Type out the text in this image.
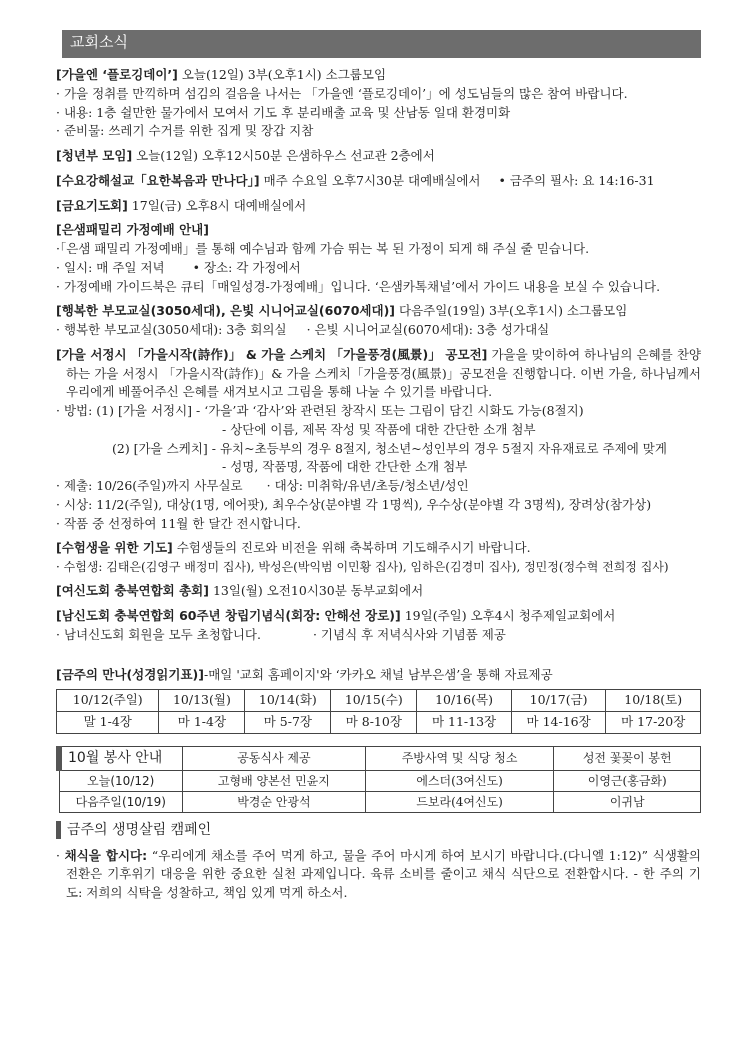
교회소식

[가을엔 ‘플로깅데이’] 오늘(12일) 3부(오후1시) 소그룹모임

· 가을 정취를 만끽하며 섬김의 걸음을 나서는 「가을엔 ‘플로깅데이’」에 성도님들의 많은 참여 바랍니다.

· 내용: 1층 쉴만한 물가에서 모여서 기도 후 분리배출 교육 및 산남동 일대 환경미화

· 준비물: 쓰레기 수거를 위한 집게 및 장갑 지참

[청년부 모임] 오늘(12일) 오후12시50분 은샘하우스 선교관 2층에서

[수요강해설교「요한복음과 만나다」] 매주 수요일 오후7시30분 대예배실에서 • 금주의 필사: 요 14:16-31

[금요기도회] 17일(금) 오후8시 대예배실에서

[은샘패밀리 가정예배 안내]

·「은샘 패밀리 가정예배」를 통해 예수님과 함께 가슴 뛰는 복 된 가정이 되게 해 주실 줄 믿습니다.

· 일시: 매 주일 저녁 • 장소: 각 가정에서

· 가정예배 가이드북은 큐티「매일성경-가정예배」입니다. ‘은샘카톡채널’에서 가이드 내용을 보실 수 있습니다.

[행복한 부모교실(3050세대), 은빛 시니어교실(6070세대)] 다음주일(19일) 3부(오후1시) 소그룹모임

· 행복한 부모교실(3050세대): 3층 회의실 · 은빛 시니어교실(6070세대): 3층 성가대실

[가을 서정시 「가을시작(詩作)」 & 가을 스케치 「가을풍경(風景)」 공모전] 가을을 맞이하여 하나님의 은혜를 찬양하는 가을 서정시 「가을시작(詩作)」& 가을 스케치「가을풍경(風景)」공모전을 진행합니다. 이번 가을, 하나님께서 우리에게 베풀어주신 은혜를 새겨보시고 그림을 통해 나눌 수 있기를 바랍니다.

· 방법: (1) [가을 서정시] - ‘가을’과 ‘감사’와 관련된 창작시 또는 그림이 담긴 시화도 가능(8절지)

- 상단에 이름, 제목 작성 및 작품에 대한 간단한 소개 첨부

(2) [가을 스케치] - 유치~초등부의 경우 8절지, 청소년~성인부의 경우 5절지 자유재료로 주제에 맞게

- 성명, 작품명, 작품에 대한 간단한 소개 첨부

· 제출: 10/26(주일)까지 사무실로 · 대상: 미취학/유년/초등/청소년/성인

· 시상: 11/2(주일), 대상(1명, 에어팟), 최우수상(분야별 각 1명씩), 우수상(분야별 각 3명씩), 장려상(참가상)

· 작품 중 선정하여 11월 한 달간 전시합니다.

[수험생을 위한 기도] 수험생들의 진로와 비전을 위해 축복하며 기도해주시기 바랍니다.

· 수험생: 김태은(김영구 배정미 집사), 박성은(박익범 이민황 집사), 임하은(김경미 집사), 정민정(정수혁 전희정 집사)

[여신도회 충북연합회 총회] 13일(월) 오전10시30분 동부교회에서

[남신도회 충북연합회 60주년 창립기념식(회장: 안해선 장로)] 19일(주일) 오후4시 청주제일교회에서

· 남녀신도회 회원을 모두 초청합니다.	· 기념식 후 저녁식사와 기념품 제공

[금주의 만나(성경읽기표)]-매일 '교회 홈페이지'와 ‘카카오 채널 남부은샘’을 통해 자료제공

10/12(주일)	10/13(월)	10/14(화)	10/15(수)	10/16(목)	10/17(금)	10/18(토)
말 1-4장	마 1-4장	마 5-7장	마 8-10장	마 11-13장	마 14-16장	마 17-20장
10월 봉사 안내	공동식사 제공	주방사역 및 식당 청소	성전 꽃꽂이 봉헌
오늘(10/12)	고형배 양본선 민윤지	에스더(3여신도)	이영근(홍금화)
다음주일(10/19)	박경순 안광석	드보라(4여신도)	이귀남
금주의 생명살림 캠페인

· 채식을 합시다: “우리에게 채소를 주어 먹게 하고, 물을 주어 마시게 하여 보시기 바랍니다.(다니엘 1:12)” 식생활의 전환은 기후위기 대응을 위한 중요한 실천 과제입니다. 육류 소비를 줄이고 채식 식단으로 전환합시다. - 한 주의 기도: 저희의 식탁을 성찰하고, 책임 있게 먹게 하소서.
